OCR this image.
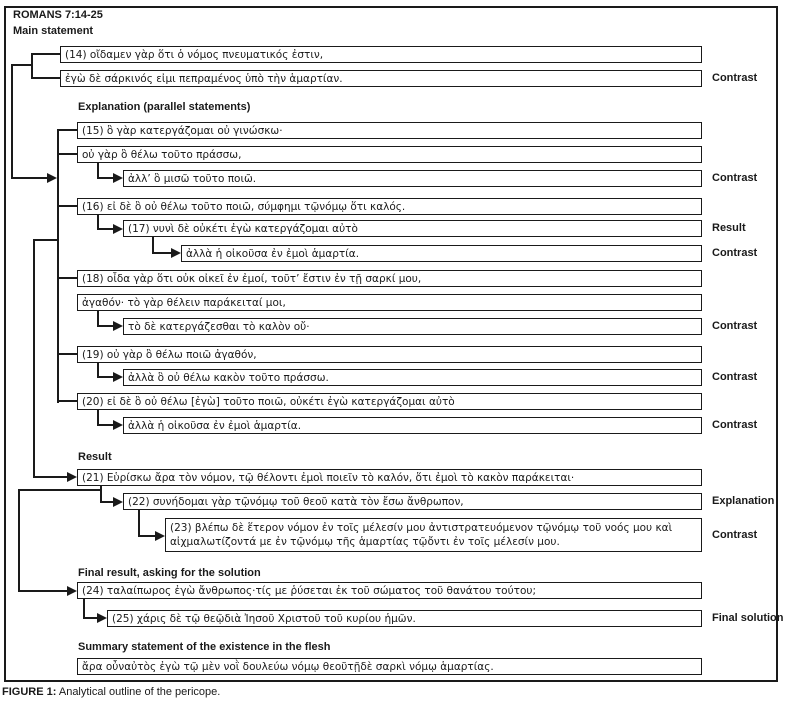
ROMANS 7:14-25
Main statement
Explanation (parallel statements)
Result
Final result, asking for the solution
Summary statement of the existence in the flesh
(14) οἴδαμεν γὰρ ὅτι ὁ νόμος πνευματικός ἐστιν,
ἐγὼ δὲ σάρκινός εἰμι πεπραμένος ὑπὸ τὴν ἁμαρτίαν.
(15) ὃ γὰρ κατεργάζομαι οὐ γινώσκω·
οὐ γὰρ ὃ θέλω τοῦτο πράσσω,
ἀλλ’ ὃ μισῶ τοῦτο ποιῶ.
(16) εἰ δὲ ὃ οὐ θέλω τοῦτο ποιῶ, σύμφημι τῷνόμῳ ὅτι καλός.
(17) νυνὶ δὲ οὐκέτι ἐγὼ κατεργάζομαι αὐτὸ
ἀλλὰ ἡ οἰκοῦσα ἐν ἐμοὶ ἁμαρτία.
(18) οἶδα γὰρ ὅτι οὐκ οἰκεῖ ἐν ἐμοί, τοῦτ’ ἔστιν ἐν τῇ σαρκί μου,
ἀγαθόν· τὸ γὰρ θέλειν παράκειταί μοι,
τὸ δὲ κατεργάζεσθαι τὸ καλὸν οὔ·
(19) οὐ γὰρ ὃ θέλω ποιῶ ἀγαθόν,
ἀλλὰ ὃ οὐ θέλω κακὸν τοῦτο πράσσω.
(20) εἰ δὲ ὃ οὐ θέλω [ἐγὼ] τοῦτο ποιῶ, οὐκέτι ἐγὼ κατεργάζομαι αὐτὸ
ἀλλὰ ἡ οἰκοῦσα ἐν ἐμοὶ ἁμαρτία.
(21) Εὑρίσκω ἄρα τὸν νόμον, τῷ θέλοντι ἐμοὶ ποιεῖν τὸ καλόν, ὅτι ἐμοὶ τὸ κακὸν παράκειται·
(22) συνήδομαι γὰρ τῷνόμῳ τοῦ θεοῦ κατὰ τὸν ἔσω ἄνθρωπον,
(23) βλέπω δὲ ἕτερον νόμον ἐν τοῖς μέλεσίν μου ἀντιστρατευόμενον τῷνόμῳ τοῦ νοός μου καὶ αἰχμαλωτίζοντά με ἐν τῷνόμῳ τῆς ἁμαρτίας τῷὄντι ἐν τοῖς μέλεσίν μου.
(24) ταλαίπωρος ἐγὼ ἄνθρωπος·τίς με ῥύσεται ἐκ τοῦ σώματος τοῦ θανάτου τούτου;
(25) χάρις δὲ τῷ θεῷδιὰ Ἰησοῦ Χριστοῦ τοῦ κυρίου ἡμῶν.
ἄρα οὖναὐτὸς ἐγὼ τῷ μὲν νοῒ δουλεύω νόμῳ θεοῦτῇδὲ σαρκὶ νόμῳ ἁμαρτίας.
Contrast
Contrast
Result
Contrast
Contrast
Contrast
Contrast
Explanation
Contrast
Final solution
FIGURE 1: Analytical outline of the pericope.
